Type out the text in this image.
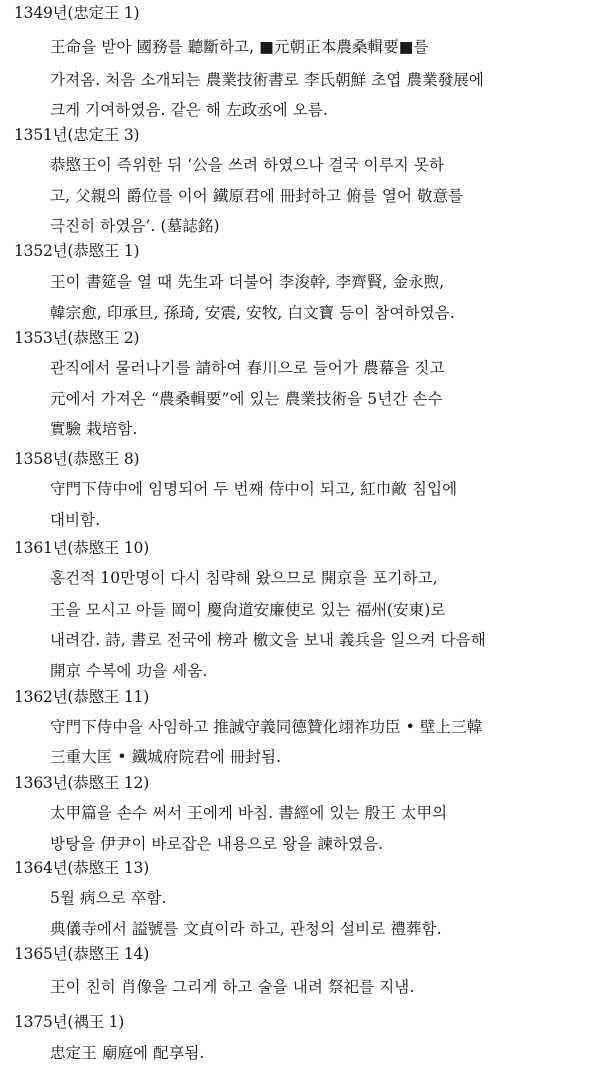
1349년(忠定王 1)
王命을 받아 國務를 聽斷하고, ■元朝正本農桑輯要■를
가져옴. 처음 소개되는 農業技術書로 李氏朝鮮 초엽 農業發展에
크게 기여하였음. 같은 해 左政丞에 오름.
1351년(忠定王 3)
恭愍王이 즉위한 뒤 ‘公을 쓰려 하였으나 결국 이루지 못하
고, 父親의 爵位를 이어 鐵原君에 冊封하고 俯를 열어 敬意를
극진히 하였음’. (墓誌銘)
1352년(恭愍王 1)
王이 書筵을 열 때 先生과 더불어 李浚幹, 李齊賢, 金永煦,
韓宗愈, 印承旦, 孫琦, 安震, 安牧, 白文寶 등이 참여하였음.
1353년(恭愍王 2)
관직에서 물러나기를 請하여 春川으로 들어가 農幕을 짓고
元에서 가져온 “農桑輯要”에 있는 農業技術을 5년간 손수
實驗 栽培함.
1358년(恭愍王 8)
守門下侍中에 임명되어 두 번째 侍中이 되고, 紅巾敵 침입에
대비함.
1361년(恭愍王 10)
홍건적 10만명이 다시 침략해 왔으므로 開京을 포기하고,
王을 모시고 아들 岡이 慶尙道安廉使로 있는 福州(安東)로
내려감. 詩, 書로 전국에 榜과 檄文을 보내 義兵을 일으켜 다음해
開京 수복에 功을 세움.
1362년(恭愍王 11)
守門下侍中을 사임하고 推誠守義同德贊化翊祚功臣 • 壁上三韓
三重大匡 • 鐵城府院君에 冊封됨.
1363년(恭愍王 12)
太甲篇을 손수 써서 王에게 바침. 書經에 있는 殷王 太甲의
방탕을 伊尹이 바로잡은 내용으로 왕을 諫하였음.
1364년(恭愍王 13)
5월 病으로 卒함.
典儀寺에서 謚號를 文貞이라 하고, 관청의 설비로 禮葬함.
1365년(恭愍王 14)
王이 친히 肖像을 그리게 하고 술을 내려 祭祀를 지냄.
1375년(禑王 1)
忠定王 廟庭에 配享됨.
